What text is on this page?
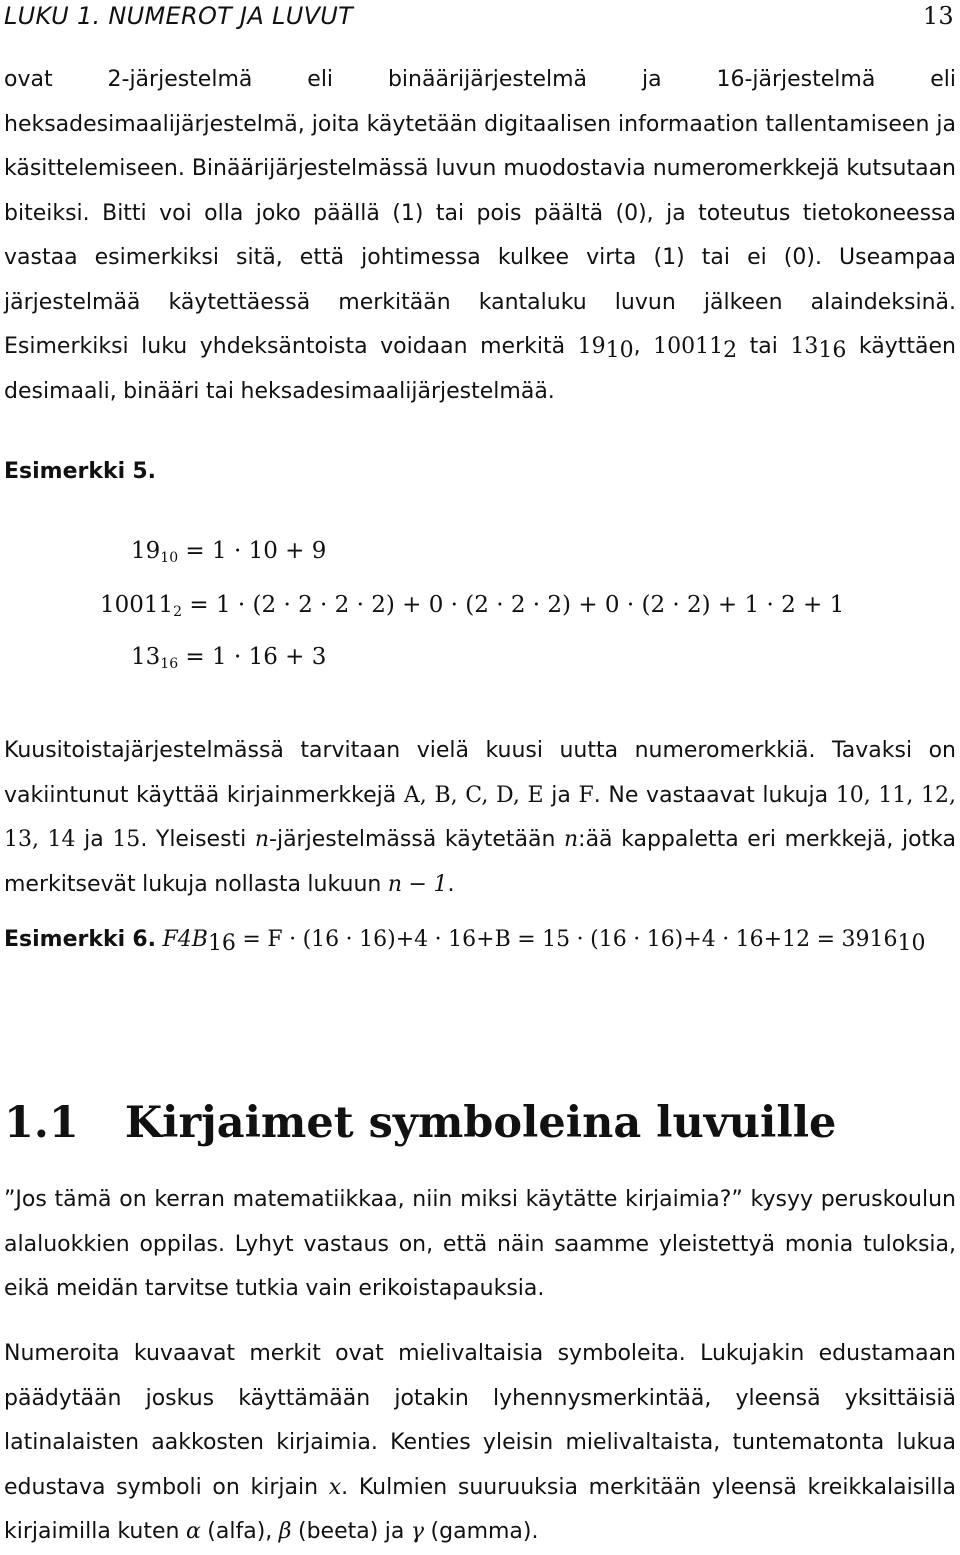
LUKU 1. NUMEROT JA LUVUT	13
ovat 2-järjestelmä eli binäärijärjestelmä ja 16-järjestelmä eli heksadesimaalijärjestelmä, joita käytetään digitaalisen informaation tallentamiseen ja käsittelemiseen. Binäärijärjestelmässä luvun muodostavia numeromerkkejä kutsutaan biteiksi. Bitti voi olla joko päällä (1) tai pois päältä (0), ja toteutus tietokoneessa vastaa esimerkiksi sitä, että johtimessa kulkee virta (1) tai ei (0). Useampaa järjestelmää käytettäessä merkitään kantaluku luvun jälkeen alaindeksinä. Esimerkiksi luku yhdeksäntoista voidaan merkitä $19_{10}$, $10011_2$ tai $13_{16}$ käyttäen desimaali, binääri tai heksadesimaalijärjestelmää.
Esimerkki 5.
$19_{10} = 1 \cdot 10 + 9$
$10011_2 = 1 \cdot (2 \cdot 2 \cdot 2 \cdot 2) + 0 \cdot (2 \cdot 2 \cdot 2) + 0 \cdot (2 \cdot 2) + 1 \cdot 2 + 1$
$13_{16} = 1 \cdot 16 + 3$
Kuusitoistajärjestelmässä tarvitaan vielä kuusi uutta numeromerkkiä. Tavaksi on vakiintunut käyttää kirjainmerkkejä A, B, C, D, E ja F. Ne vastaavat lukuja 10, 11, 12, 13, 14 ja 15. Yleisesti n-järjestelmässä käytetään n:ää kappaletta eri merkkejä, jotka merkitsevät lukuja nollasta lukuun n − 1.
Esimerkki 6. $F4B_{16} = F \cdot (16 \cdot 16)+4 \cdot 16+B = 15 \cdot (16 \cdot 16)+4 \cdot 16+12 = 3916_{10}$
1.1 Kirjaimet symboleina luvuille
”Jos tämä on kerran matematiikkaa, niin miksi käytätte kirjaimia?” kysyy peruskoulun alaluokkien oppilas. Lyhyt vastaus on, että näin saamme yleistettyä monia tuloksia, eikä meidän tarvitse tutkia vain erikoistapauksia.
Numeroita kuvaavat merkit ovat mielivaltaisia symboleita. Lukujakin edustamaan päädytään joskus käyttämään jotakin lyhennysmerkintää, yleensä yksittäisiä latinalaisten aakkosten kirjaimia. Kenties yleisin mielivaltaista, tuntematonta lukua edustava symboli on kirjain x. Kulmien suuruuksia merkitään yleensä kreikkalaisilla kirjaimilla kuten α (alfa), β (beeta) ja γ (gamma).
